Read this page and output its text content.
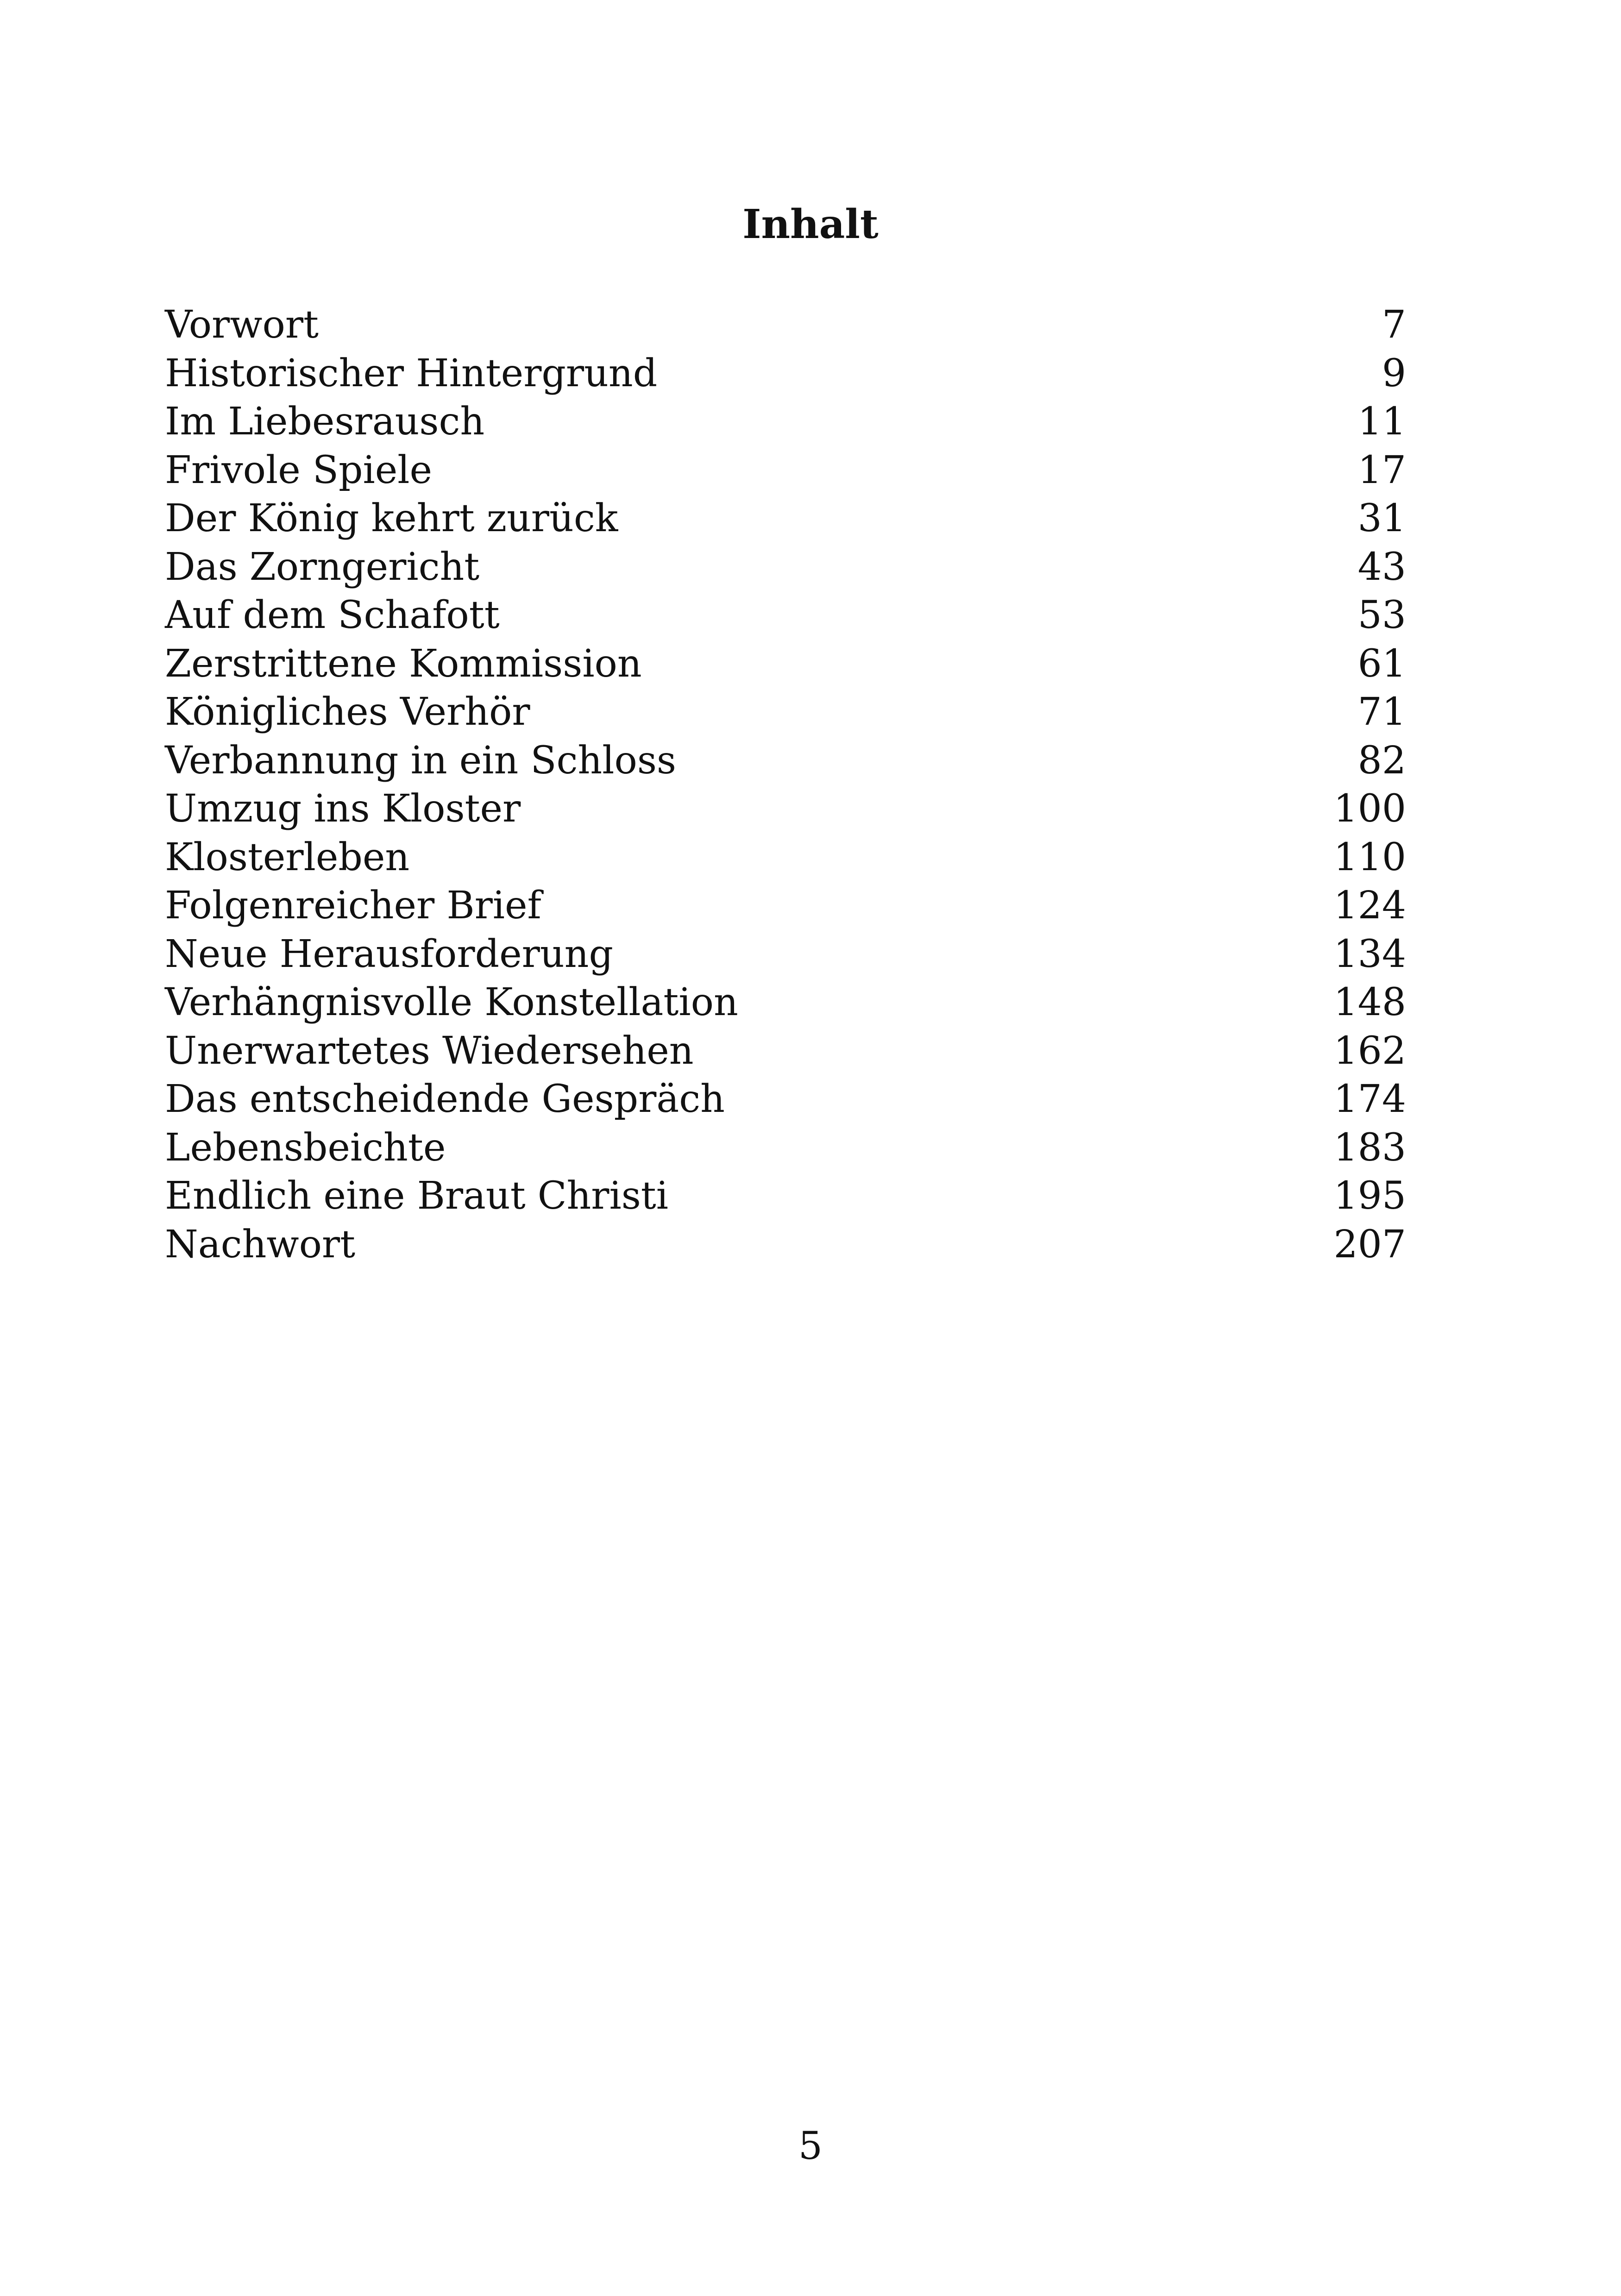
Inhalt
Vorwort	7
Historischer Hintergrund	9
Im Liebesrausch	11
Frivole Spiele	17
Der König kehrt zurück	31
Das Zorngericht	43
Auf dem Schafott	53
Zerstrittene Kommission	61
Königliches Verhör	71
Verbannung in ein Schloss	82
Umzug ins Kloster	100
Klosterleben	110
Folgenreicher Brief	124
Neue Herausforderung	134
Verhängnisvolle Konstellation	148
Unerwartetes Wiedersehen	162
Das entscheidende Gespräch	174
Lebensbeichte	183
Endlich eine Braut Christi	195
Nachwort	207
5
